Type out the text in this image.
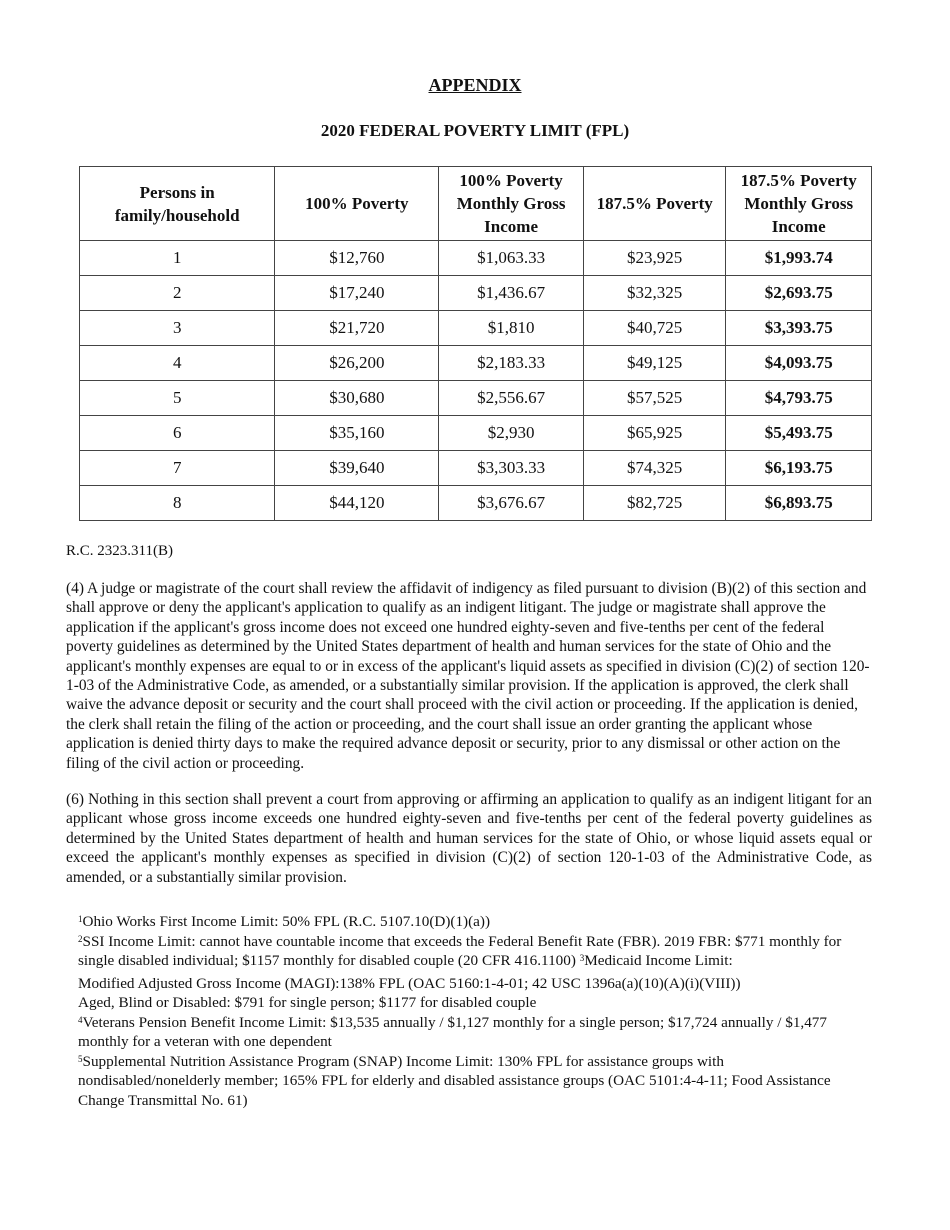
APPENDIX
2020 FEDERAL POVERTY LIMIT (FPL)
Persons in family/household	100% Poverty	100% Poverty Monthly Gross Income	187.5% Poverty	187.5% Poverty Monthly Gross Income
1	$12,760	$1,063.33	$23,925	$1,993.74
2	$17,240	$1,436.67	$32,325	$2,693.75
3	$21,720	$1,810	$40,725	$3,393.75
4	$26,200	$2,183.33	$49,125	$4,093.75
5	$30,680	$2,556.67	$57,525	$4,793.75
6	$35,160	$2,930	$65,925	$5,493.75
7	$39,640	$3,303.33	$74,325	$6,193.75
8	$44,120	$3,676.67	$82,725	$6,893.75
R.C. 2323.311(B)
(4) A judge or magistrate of the court shall review the affidavit of indigency as filed pursuant to division (B)(2) of this section and shall approve or deny the applicant's application to qualify as an indigent litigant. The judge or magistrate shall approve the application if the applicant's gross income does not exceed one hundred eighty-seven and five-tenths per cent of the federal poverty guidelines as determined by the United States department of health and human services for the state of Ohio and the applicant's monthly expenses are equal to or in excess of the applicant's liquid assets as specified in division (C)(2) of section 120-1-03 of the Administrative Code, as amended, or a substantially similar provision. If the application is approved, the clerk shall waive the advance deposit or security and the court shall proceed with the civil action or proceeding. If the application is denied, the clerk shall retain the filing of the action or proceeding, and the court shall issue an order granting the applicant whose application is denied thirty days to make the required advance deposit or security, prior to any dismissal or other action on the filing of the civil action or proceeding.
(6) Nothing in this section shall prevent a court from approving or affirming an application to qualify as an indigent litigant for an applicant whose gross income exceeds one hundred eighty-seven and five-tenths per cent of the federal poverty guidelines as determined by the United States department of health and human services for the state of Ohio, or whose liquid assets equal or exceed the applicant's monthly expenses as specified in division (C)(2) of section 120-1-03 of the Administrative Code, as amended, or a substantially similar provision.
$^1$Ohio Works First Income Limit: 50% FPL (R.C. 5107.10(D)(1)(a))
$^2$SSI Income Limit: cannot have countable income that exceeds the Federal Benefit Rate (FBR). 2019 FBR: $771 monthly for single disabled individual; $1157 monthly for disabled couple (20 CFR 416.1100) $^3$Medicaid Income Limit:
Modified Adjusted Gross Income (MAGI):138% FPL (OAC 5160:1-4-01; 42 USC 1396a(a)(10)(A)(i)(VIII))
Aged, Blind or Disabled: $791 for single person; $1177 for disabled couple
$^4$Veterans Pension Benefit Income Limit: $13,535 annually / $1,127 monthly for a single person; $17,724 annually / $1,477 monthly for a veteran with one dependent
$^5$Supplemental Nutrition Assistance Program (SNAP) Income Limit: 130% FPL for assistance groups with nondisabled/nonelderly member; 165% FPL for elderly and disabled assistance groups (OAC 5101:4-4-11; Food Assistance Change Transmittal No. 61)
